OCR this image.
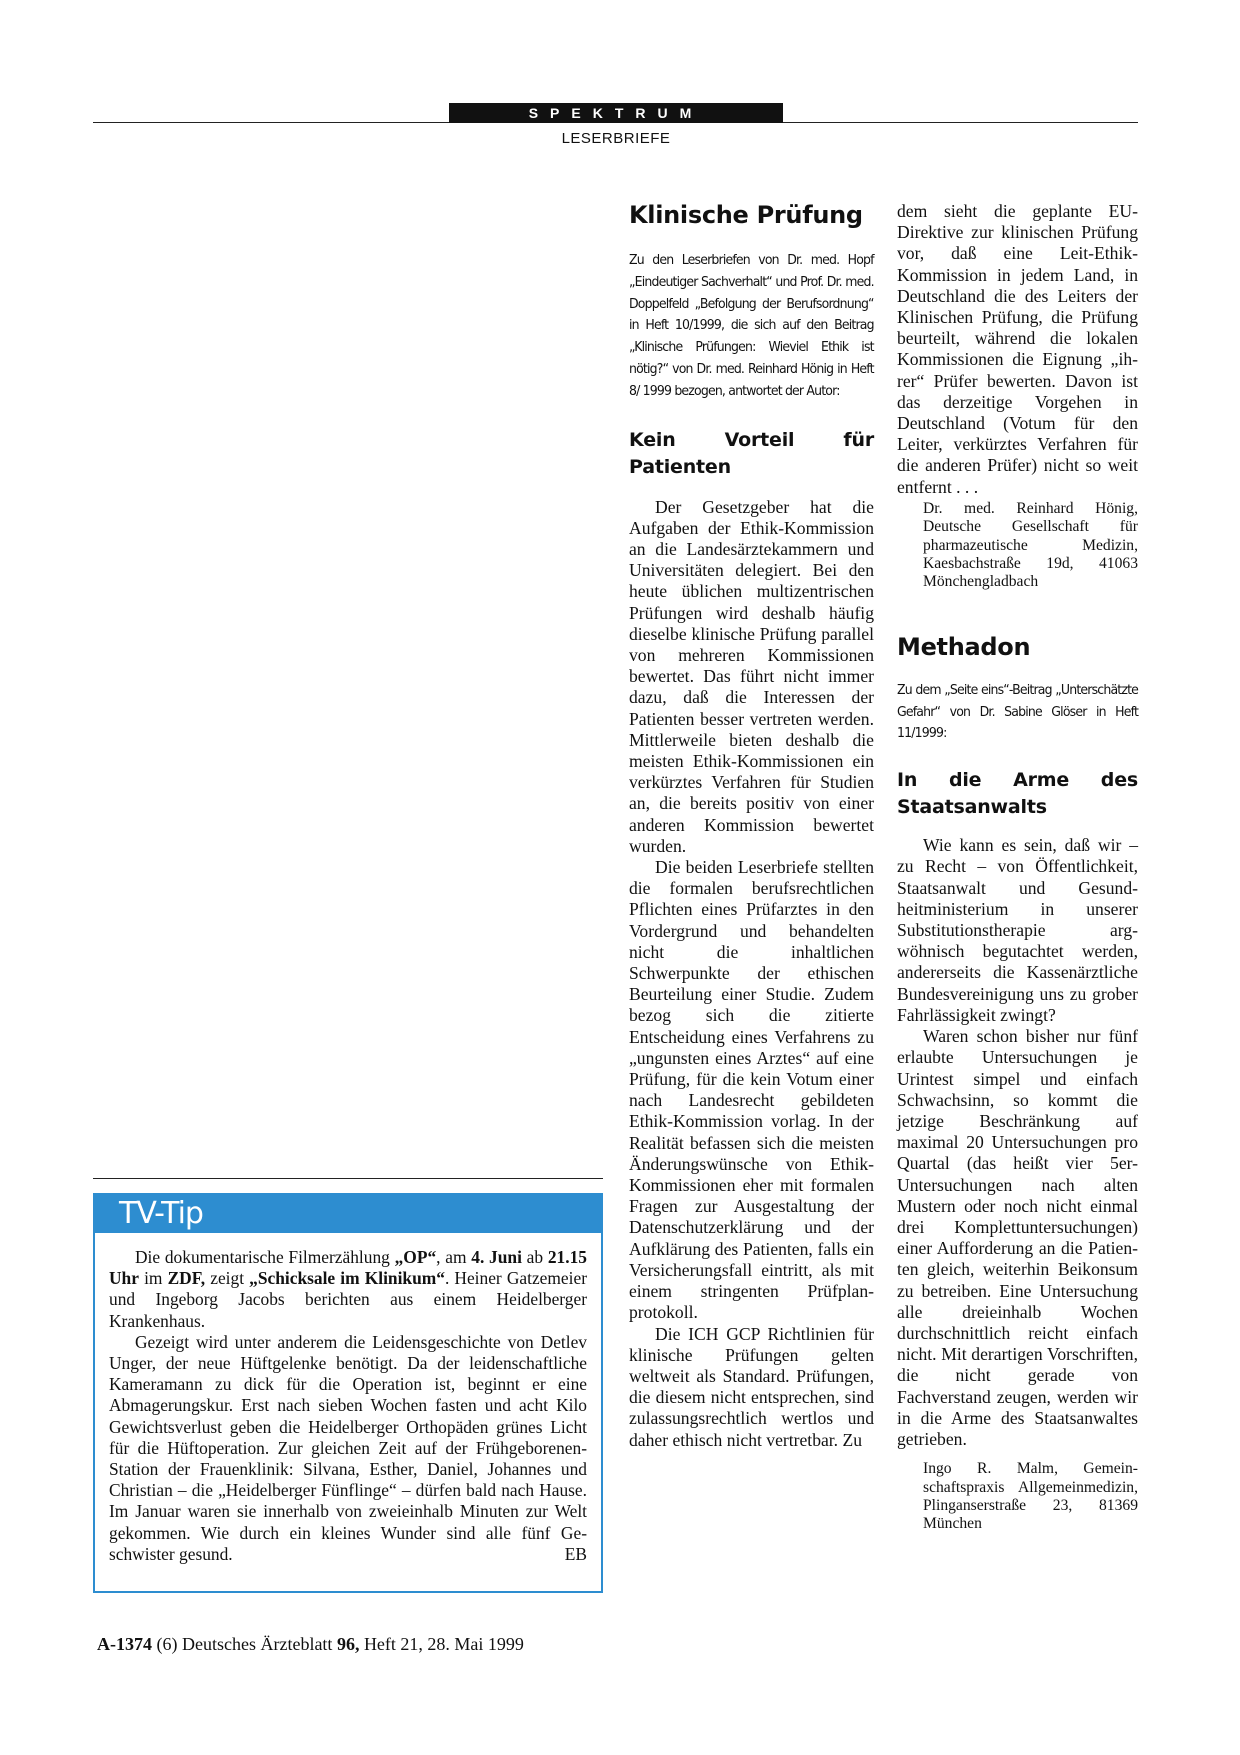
SPEKTRUM
LESERBRIEFE
Klinische Prüfung
Zu den Leserbriefen von Dr. med. Hopf „Eindeutiger Sachverhalt“ und Prof. Dr. med. Doppelfeld „Befolgung der Berufsordnung“ in Heft 10/1999, die sich auf den Beitrag „Klinische Prüfungen: Wieviel Ethik ist nötig?“ von Dr. med. Reinhard Hönig in Heft 8/ 1999 bezogen, antwortet der Autor:
Kein Vorteil für Patienten

Der Gesetzgeber hat die Aufgaben der Ethik-Kommission an die Landesärztekammern und Universitäten delegiert. Bei den heute üblichen multizentrischen Prüfungen wird deshalb häufig dieselbe klinische Prüfung parallel von mehreren Kommissionen bewertet. Das führt nicht immer dazu, daß die Interessen der Patienten besser vertreten werden. Mittlerweile bieten deshalb die meisten Ethik-Kommissionen ein verkürztes Verfahren für Studien an, die bereits positiv von einer anderen Kommission bewertet wurden.

Die beiden Leserbriefe stellten die formalen berufsrechtlichen Pflichten eines Prüfarztes in den Vordergrund und behandelten nicht die inhaltlichen Schwerpunkte der ethischen Beurteilung einer Studie. Zudem bezog sich die zitierte Entscheidung eines Verfahrens zu „ungunsten eines Arztes“ auf eine Prüfung, für die kein Votum einer nach Landesrecht gebildeten Ethik-Kommission vorlag. In der Realität befassen sich die meisten Änderungswünsche von Ethik-Kommissionen eher mit formalen Fragen zur Ausgestaltung der Datenschutzerklärung und der Aufklärung des Patienten, falls ein Versicherungsfall eintritt, als mit einem stringenten Prüfplanprotokoll.

Die ICH GCP Richtlinien für klinische Prüfungen gelten weltweit als Standard. Prüfungen, die diesem nicht entsprechen, sind zulassungsrechtlich wertlos und daher ethisch nicht vertretbar. Zu

dem sieht die geplante EU-Direktive zur klinischen Prüfung vor, daß eine Leit-Ethik-Kommission in jedem Land, in Deutschland die des Leiters der Klinischen Prüfung, die Prüfung beurteilt, während die lokalen Kommissionen die Eignung „ihrer“ Prüfer bewerten. Davon ist das derzeitige Vorgehen in Deutschland (Votum für den Leiter, verkürztes Verfahren für die anderen Prüfer) nicht so weit entfernt . . .

Dr. med. Reinhard Hönig, Deutsche Gesellschaft für pharmazeutische Medizin, Kaesbachstraße 19d, 41063 Mönchengladbach
Methadon
Zu dem „Seite eins“-Beitrag „Unterschätzte Gefahr“ von Dr. Sabine Glöser in Heft 11/1999:
In die Arme des Staatsanwalts

Wie kann es sein, daß wir – zu Recht – von Öffentlichkeit, Staatsanwalt und Gesundheitministerium in unserer Substitutionstherapie argwöhnisch begutachtet werden, andererseits die Kassenärztliche Bundesvereinigung uns zu grober Fahrlässigkeit zwingt?

Waren schon bisher nur fünf erlaubte Untersuchungen je Urintest simpel und einfach Schwachsinn, so kommt die jetzige Beschränkung auf maximal 20 Untersuchungen pro Quartal (das heißt vier 5er-Untersuchungen nach alten Mustern oder noch nicht einmal drei Komplettuntersuchungen) einer Aufforderung an die Patienten gleich, weiterhin Beikonsum zu betreiben. Eine Untersuchung alle dreieinhalb Wochen durchschnittlich reicht einfach nicht. Mit derartigen Vorschriften, die nicht gerade von Fachverstand zeugen, werden wir in die Arme des Staatsanwaltes getrieben.

Ingo R. Malm, Gemeinschaftspraxis Allgemeinmedizin, Plinganserstraße 23, 81369 München
TV-Tip

Die dokumentarische Filmerzählung „OP“, am 4. Juni ab 21.15 Uhr im ZDF, zeigt „Schicksale im Klinikum“. Heiner Gatzemeier und Ingeborg Jacobs berichten aus einem Heidelberger Krankenhaus.

Gezeigt wird unter anderem die Leidensgeschichte von Detlev Unger, der neue Hüftgelenke benötigt. Da der leidenschaftliche Kameramann zu dick für die Operation ist, beginnt er eine Abmagerungskur. Erst nach sieben Wochen fasten und acht Kilo Gewichtsverlust geben die Heidelberger Orthopäden grünes Licht für die Hüftoperation. Zur gleichen Zeit auf der Frühgeborenen-Station der Frauenklinik: Silvana, Esther, Daniel, Johannes und Christian – die „Heidelberger Fünflinge“ – dürfen bald nach Hause. Im Januar waren sie innerhalb von zweieinhalb Minuten zur Welt gekommen. Wie durch ein kleines Wunder sind alle fünf Geschwister gesund.	EB

A-1374 (6) Deutsches Ärzteblatt 96, Heft 21, 28. Mai 1999
